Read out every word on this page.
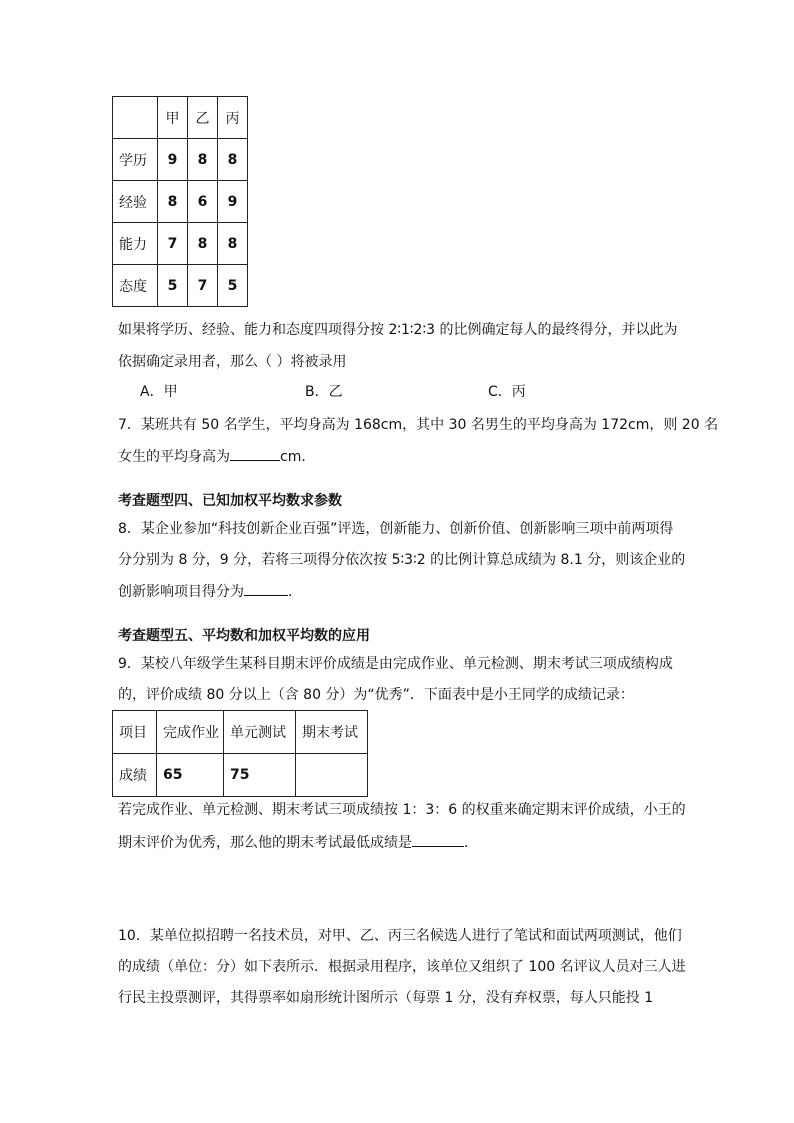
	甲	乙	丙
学历	9	8	8
经验	8	6	9
能力	7	8	8
态度	5	7	5
如果将学历、经验、能力和态度四项得分按 2∶1∶2∶3 的比例确定每人的最终得分，并以此为
依据确定录用者，那么（ ）将被录用
A．甲	B．乙	C．丙
7．某班共有 50 名学生，平均身高为 168cm，其中 30 名男生的平均身高为 172cm，则 20 名
女生的平均身高为	cm．
考查题型四、已知加权平均数求参数
8．某企业参加“科技创新企业百强”评选，创新能力、创新价值、创新影响三项中前两项得
分分别为 8 分，9 分，若将三项得分依次按 5∶3∶2 的比例计算总成绩为 8.1 分，则该企业的
创新影响项目得分为	．
考查题型五、平均数和加权平均数的应用
9．某校八年级学生某科目期末评价成绩是由完成作业、单元检测、期末考试三项成绩构成
的，评价成绩 80 分以上（含 80 分）为“优秀”．下面表中是小王同学的成绩记录：
项目	完成作业	单元测试	期末考试
成绩	65	75	
若完成作业、单元检测、期末考试三项成绩按 1：3：6 的权重来确定期末评价成绩，小王的
期末评价为优秀，那么他的期末考试最低成绩是	．
10．某单位拟招聘一名技术员，对甲、乙、丙三名候选人进行了笔试和面试两项测试，他们
的成绩（单位：分）如下表所示．根据录用程序，该单位又组织了 100 名评议人员对三人进
行民主投票测评，其得票率如扇形统计图所示（每票 1 分，没有弃权票，每人只能投 1
